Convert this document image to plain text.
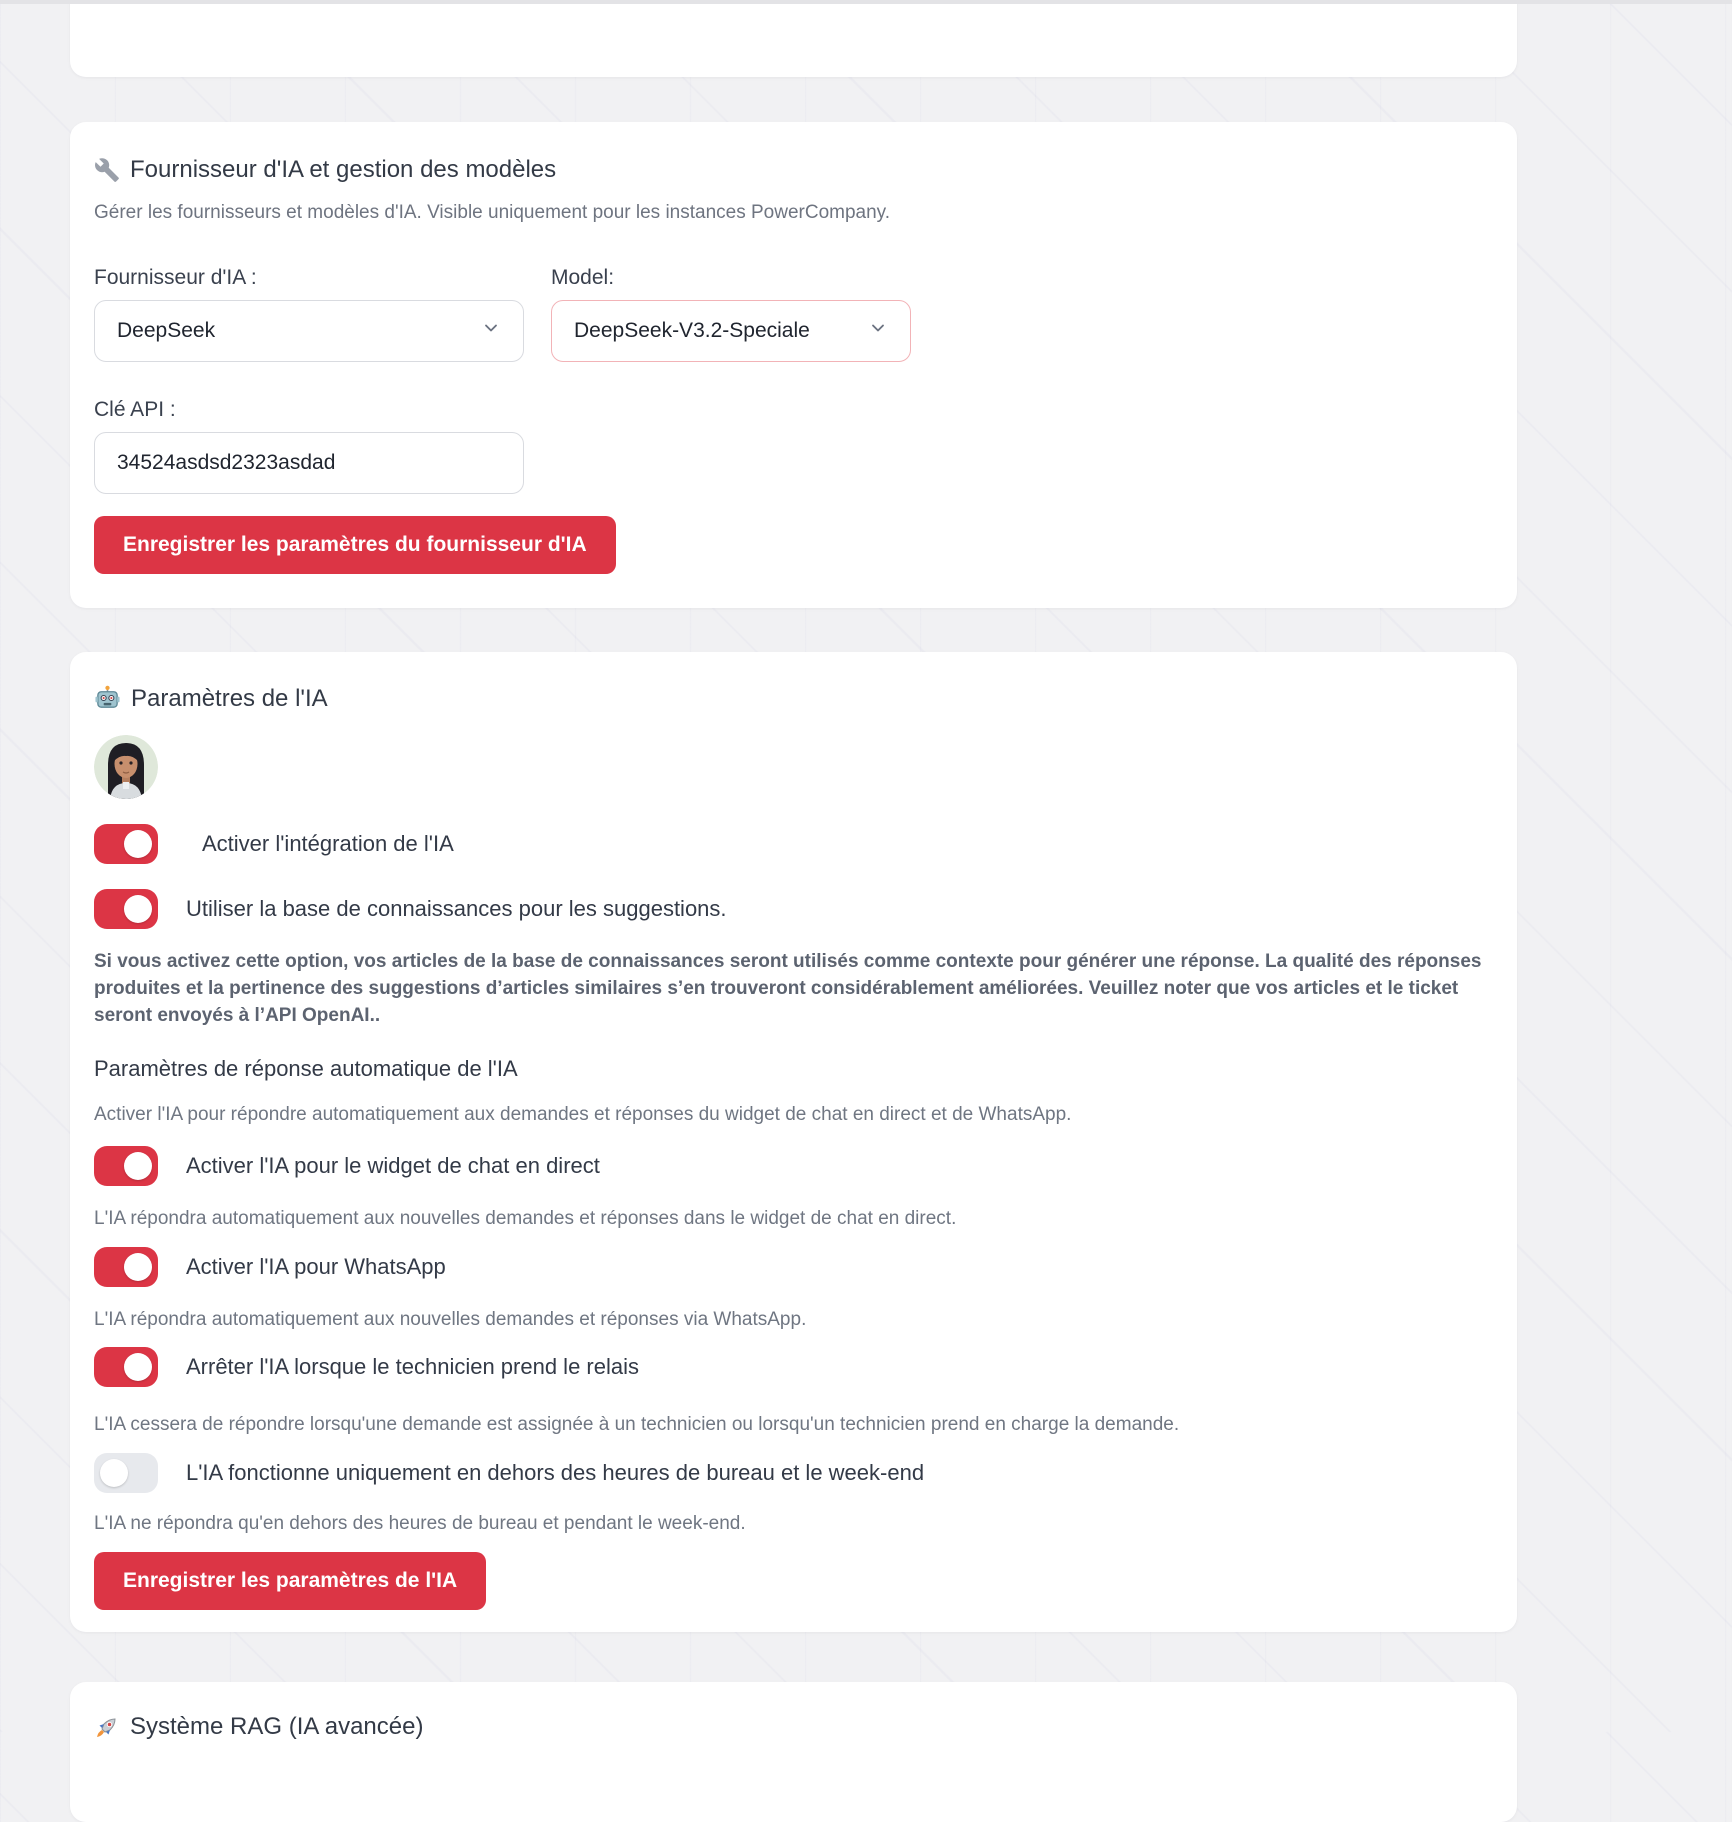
Fournisseur d'IA et gestion des modèles

Gérer les fournisseurs et modèles d'IA. Visible uniquement pour les instances PowerCompany.

Fournisseur d'IA :
DeepSeek
Model:
DeepSeek-V3.2-Speciale
Clé API :
34524asdsd2323asdad
Enregistrer les paramètres du fournisseur d'IA
Paramètres de l'IA
Activer l'intégration de l'IA
Utiliser la base de connaissances pour les suggestions.

Si vous activez cette option, vos articles de la base de connaissances seront utilisés comme contexte pour générer une réponse. La qualité des réponses produites et la pertinence des suggestions d’articles similaires s’en trouveront considérablement améliorées. Veuillez noter que vos articles et le ticket seront envoyés à l’API OpenAI..

Paramètres de réponse automatique de l'IA

Activer l'IA pour répondre automatiquement aux demandes et réponses du widget de chat en direct et de WhatsApp.

Activer l'IA pour le widget de chat en direct

L'IA répondra automatiquement aux nouvelles demandes et réponses dans le widget de chat en direct.

Activer l'IA pour WhatsApp

L'IA répondra automatiquement aux nouvelles demandes et réponses via WhatsApp.

Arrêter l'IA lorsque le technicien prend le relais

L'IA cessera de répondre lorsqu'une demande est assignée à un technicien ou lorsqu'un technicien prend en charge la demande.

L'IA fonctionne uniquement en dehors des heures de bureau et le week-end

L'IA ne répondra qu'en dehors des heures de bureau et pendant le week-end.

Enregistrer les paramètres de l'IA
Système RAG (IA avancée)
